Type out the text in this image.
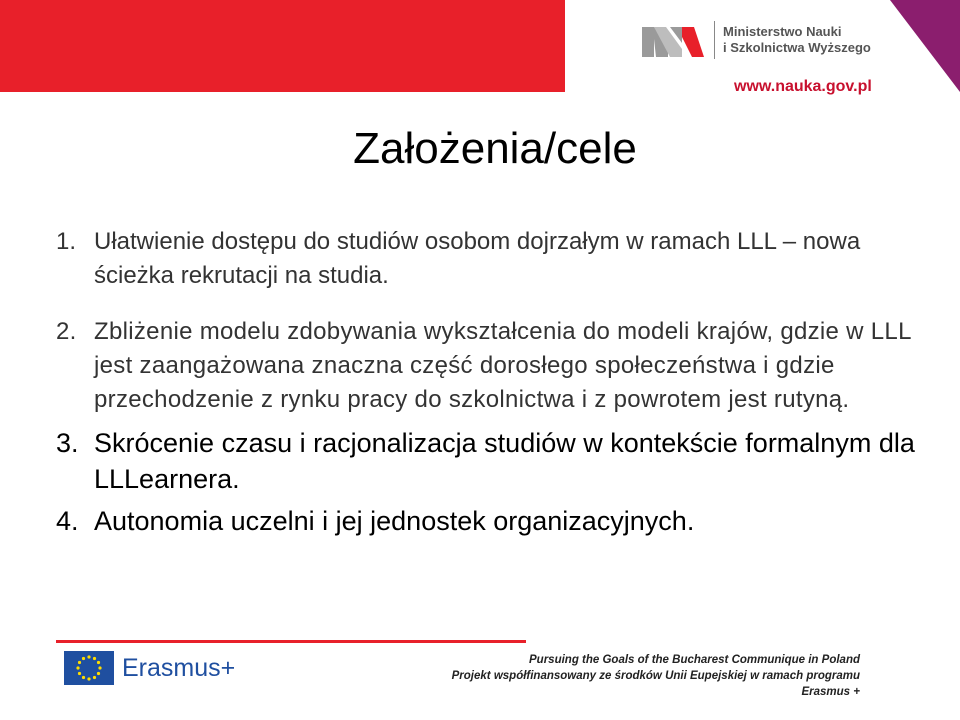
Ministerstwo Nauki
i Szkolnictwa Wyższego
www.nauka.gov.pl
Założenia/cele
1. Ułatwienie dostępu do studiów osobom dojrzałym w ramach LLL – nowa ścieżka rekrutacji na studia.
2. Zbliżenie modelu zdobywania wykształcenia do modeli krajów, gdzie w LLL jest zaangażowana znaczna część dorosłego społeczeństwa i gdzie przechodzenie z rynku pracy do szkolnictwa i z powrotem jest rutyną.
3. Skrócenie czasu i racjonalizacja studiów w kontekście formalnym dla LLLearnera.
4. Autonomia uczelni i jej jednostek organizacyjnych.
Erasmus+	Pursuing the Goals of the Bucharest Communique in Poland
Projekt współfinansowany ze środków Unii Eupejskiej w ramach programu Erasmus +
